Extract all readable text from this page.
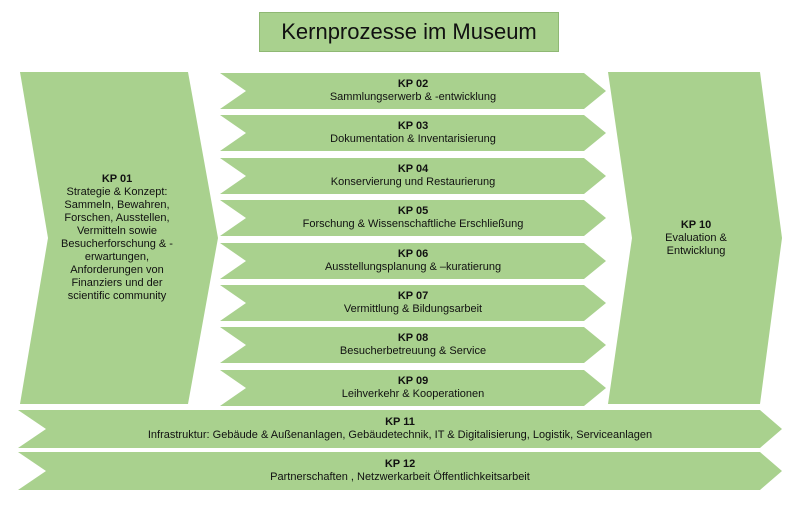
Kernprozesse im Museum
KP 02
Sammlungserwerb & -entwicklung
KP 03
Dokumentation & Inventarisierung
KP 04
Konservierung und Restaurierung
KP 05
Forschung & Wissenschaftliche Erschließung
KP 06
Ausstellungsplanung & –kuratierung
KP 07
Vermittlung & Bildungsarbeit
KP 08
Besucherbetreuung & Service
KP 09
Leihverkehr & Kooperationen
KP 11
Infrastruktur: Gebäude & Außenanlagen, Gebäudetechnik, IT & Digitalisierung, Logistik, Serviceanlagen
KP 12
Partnerschaften , Netzwerkarbeit Öffentlichkeitsarbeit
KP 01
Strategie & Konzept:
Sammeln, Bewahren,
Forschen, Ausstellen,
Vermitteln sowie
Besucherforschung & -
erwartungen,
Anforderungen von
Finanziers und der
scientific community
KP 10
Evaluation &
Entwicklung
